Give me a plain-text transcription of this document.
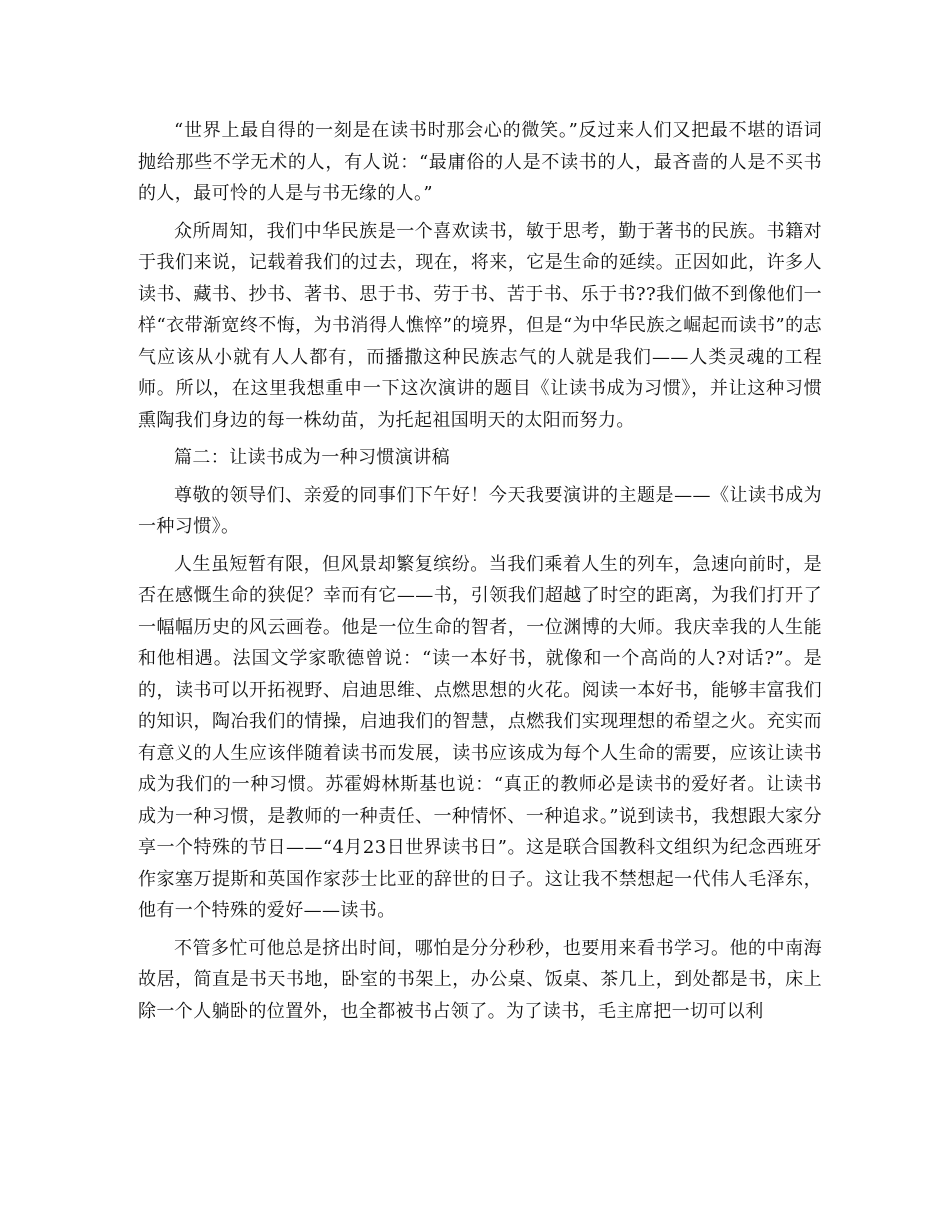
“世界上最自得的一刻是在读书时那会心的微笑。”反过来人们又把最不堪的语词抛给那些不学无术的人，有人说：“最庸俗的人是不读书的人，最吝啬的人是不买书的人，最可怜的人是与书无缘的人。”

众所周知，我们中华民族是一个喜欢读书，敏于思考，勤于著书的民族。书籍对于我们来说，记载着我们的过去，现在，将来，它是生命的延续。正因如此，许多人读书、藏书、抄书、著书、思于书、劳于书、苦于书、乐于书??我们做不到像他们一样“衣带渐宽终不悔，为书消得人憔悴”的境界，但是“为中华民族之崛起而读书”的志气应该从小就有人人都有，而播撒这种民族志气的人就是我们——人类灵魂的工程师。所以，在这里我想重申一下这次演讲的题目《让读书成为习惯》，并让这种习惯熏陶我们身边的每一株幼苗，为托起祖国明天的太阳而努力。

篇二：让读书成为一种习惯演讲稿

尊敬的领导们、亲爱的同事们下午好！今天我要演讲的主题是——《让读书成为一种习惯》。

人生虽短暂有限，但风景却繁复缤纷。当我们乘着人生的列车，急速向前时，是否在感慨生命的狭促？幸而有它——书，引领我们超越了时空的距离，为我们打开了一幅幅历史的风云画卷。他是一位生命的智者，一位渊博的大师。我庆幸我的人生能和他相遇。法国文学家歌德曾说：“读一本好书，就像和一个高尚的人?对话?”。是的，读书可以开拓视野、启迪思维、点燃思想的火花。阅读一本好书，能够丰富我们的知识，陶冶我们的情操，启迪我们的智慧，点燃我们实现理想的希望之火。充实而有意义的人生应该伴随着读书而发展，读书应该成为每个人生命的需要，应该让读书成为我们的一种习惯。苏霍姆林斯基也说：“真正的教师必是读书的爱好者。让读书成为一种习惯，是教师的一种责任、一种情怀、一种追求。”说到读书，我想跟大家分享一个特殊的节日——“4月23日世界读书日”。这是联合国教科文组织为纪念西班牙作家塞万提斯和英国作家莎士比亚的辞世的日子。这让我不禁想起一代伟人毛泽东，他有一个特殊的爱好——读书。

不管多忙可他总是挤出时间，哪怕是分分秒秒，也要用来看书学习。他的中南海故居，简直是书天书地，卧室的书架上，办公桌、饭桌、茶几上，到处都是书，床上除一个人躺卧的位置外，也全都被书占领了。为了读书，毛主席把一切可以利
